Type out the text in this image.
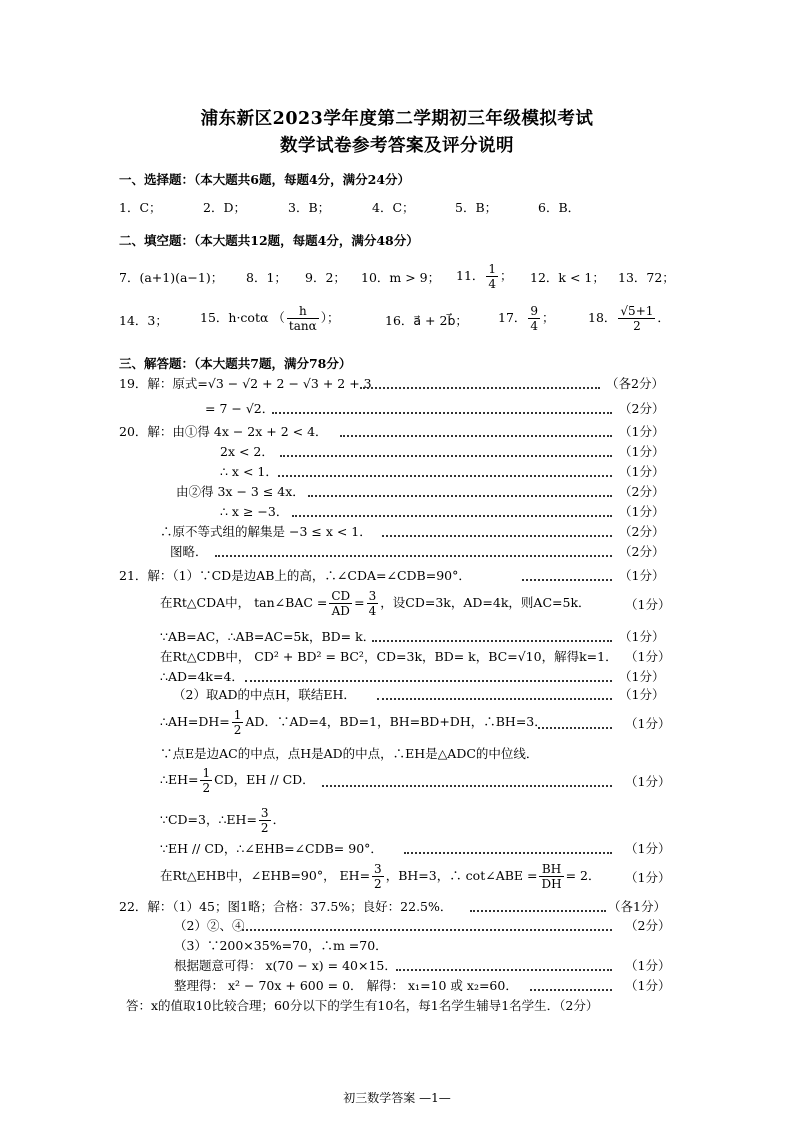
浦东新区2023学年度第二学期初三年级模拟考试
数学试卷参考答案及评分说明
一、选择题：（本大题共6题，每题4分，满分24分）
1．C；	2．D；	3．B；	4．C；	5．B；	6．B．
二、填空题：（本大题共12题，每题4分，满分48分）
7．(a+1)(a−1)； 8．1； 9．2； 10．m > 9； 11． $\frac{1}{4}$ ； 12．k < 1； 13．72；
14．3；	15．h·cotα （ $\frac{h}{\tan\alpha}$ ）；	16．a⃗ + 2b⃗； 17． $\frac{9}{4}$ ；	18． $\frac{√5+1}{2}$ ．
三、解答题：（本大题共7题，满分78分）
19．解：原式=√3 − √2 + 2 − √3 + 2 + 3	（各2分）
= 7 − √2．	（2分）
20．解：由①得 4x − 2x + 2 < 4．	（1分）
2x < 2．	（1分）
∴ x < 1．	（1分）
由②得 3x − 3 ≤ 4x．	（2分）
∴ x ≥ −3．	（1分）
∴原不等式组的解集是 −3 ≤ x < 1．	（2分）
图略．	（2分）
21．解：（1）∵CD是边AB上的高，∴∠CDA=∠CDB=90°．	（1分）
在Rt△CDA中， tan∠BAC = $\frac{CD}{AD} = \frac{3}{4}$ ，设CD=3k，AD=4k，则AC=5k．	（1分）
∵AB=AC，∴AB=AC=5k，BD= k．	（1分）
在Rt△CDB中， CD² + BD² = BC²，CD=3k，BD= k，BC=√10，解得k=1． （1分）
∴AD=4k=4．	（1分）
（2）取AD的中点H，联结EH．	（1分）
∴AH=DH= $\frac{1}{2}$ AD．∵AD=4，BD=1，BH=BD+DH，∴BH=3．	（1分）
∵点E是边AC的中点，点H是AD的中点，∴EH是△ADC的中位线．
∴EH= $\frac{1}{2}$ CD，EH // CD．	（1分）
∵CD=3，∴EH= $\frac{3}{2}$ ．
∵EH // CD，∴∠EHB=∠CDB= 90°．	（1分）
在Rt△EHB中，∠EHB=90°， $EH= \frac{3}{2}$ ，BH=3，∴ cot∠ABE = $\frac{BH}{DH} = 2$． （1分）
22．解：（1）45；图1略；合格：37.5%；良好：22.5%．	（各1分）
（2）②、④	（2分）
（3）∵200×35%=70，∴m =70．
根据题意可得： x(70 − x) = 40×15．	（1分）
整理得： x² − 70x + 600 = 0． 解得： x₁=10 或 x₂=60．	（1分）
答：x的值取10比较合理；60分以下的学生有10名，每1名学生辅导1名学生．（2分）
初三数学答案 —1—
